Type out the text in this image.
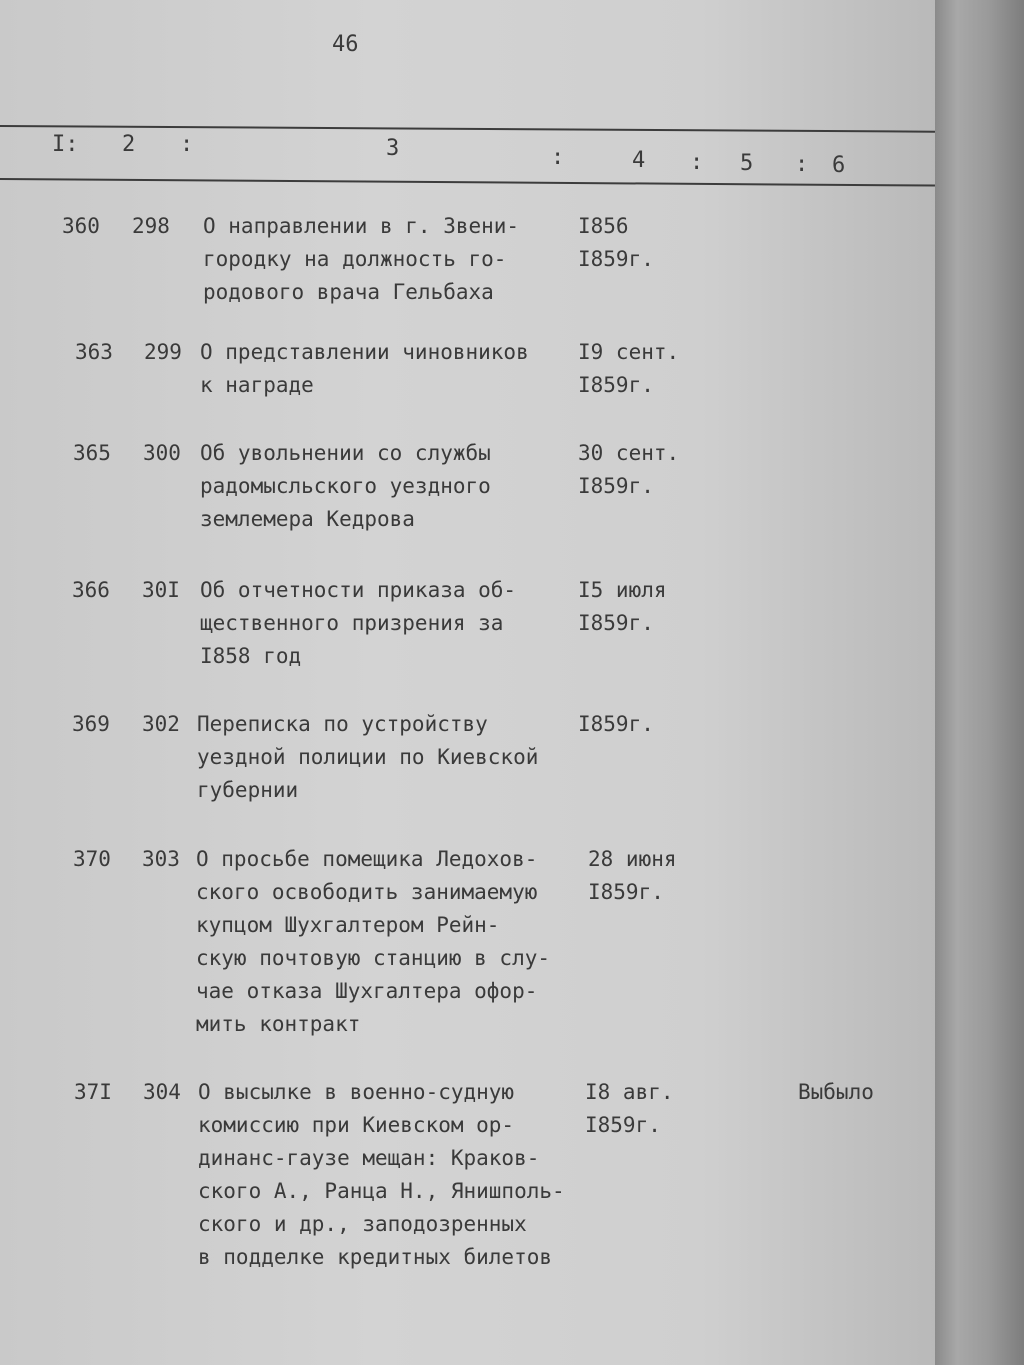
46
I: 2 :	3	:	4 : 5 : 6
360 298 О направлении в г. Звени-
городку на должность го-
родового врача Гельбаха
I856
I859г.
363 299 О представлении чиновников
к награде
I9 сент.
I859г.
365 300 Об увольнении со службы
радомысльского уездного
землемера Кедрова
30 сент.
I859г.
366 30I Об отчетности приказа об-
щественного призрения за
I858 год
I5 июля
I859г.
369 302 Переписка по устройству
уездной полиции по Киевской
губернии
I859г.
370 303 О просьбе помещика Ледохов-
ского освободить занимаемую
купцом Шухгалтером Рейн-
скую почтовую станцию в слу-
чае отказа Шухгалтера офор-
мить контракт
28 июня
I859г.
37I 304 О высылке в военно-судную
комиссию при Киевском ор-
динанс-гаузе мещан: Краков-
ского А., Ранца Н., Янишполь-
ского и др., заподозренных
в подделке кредитных билетов
I8 авг.
I859г.
Выбыло
